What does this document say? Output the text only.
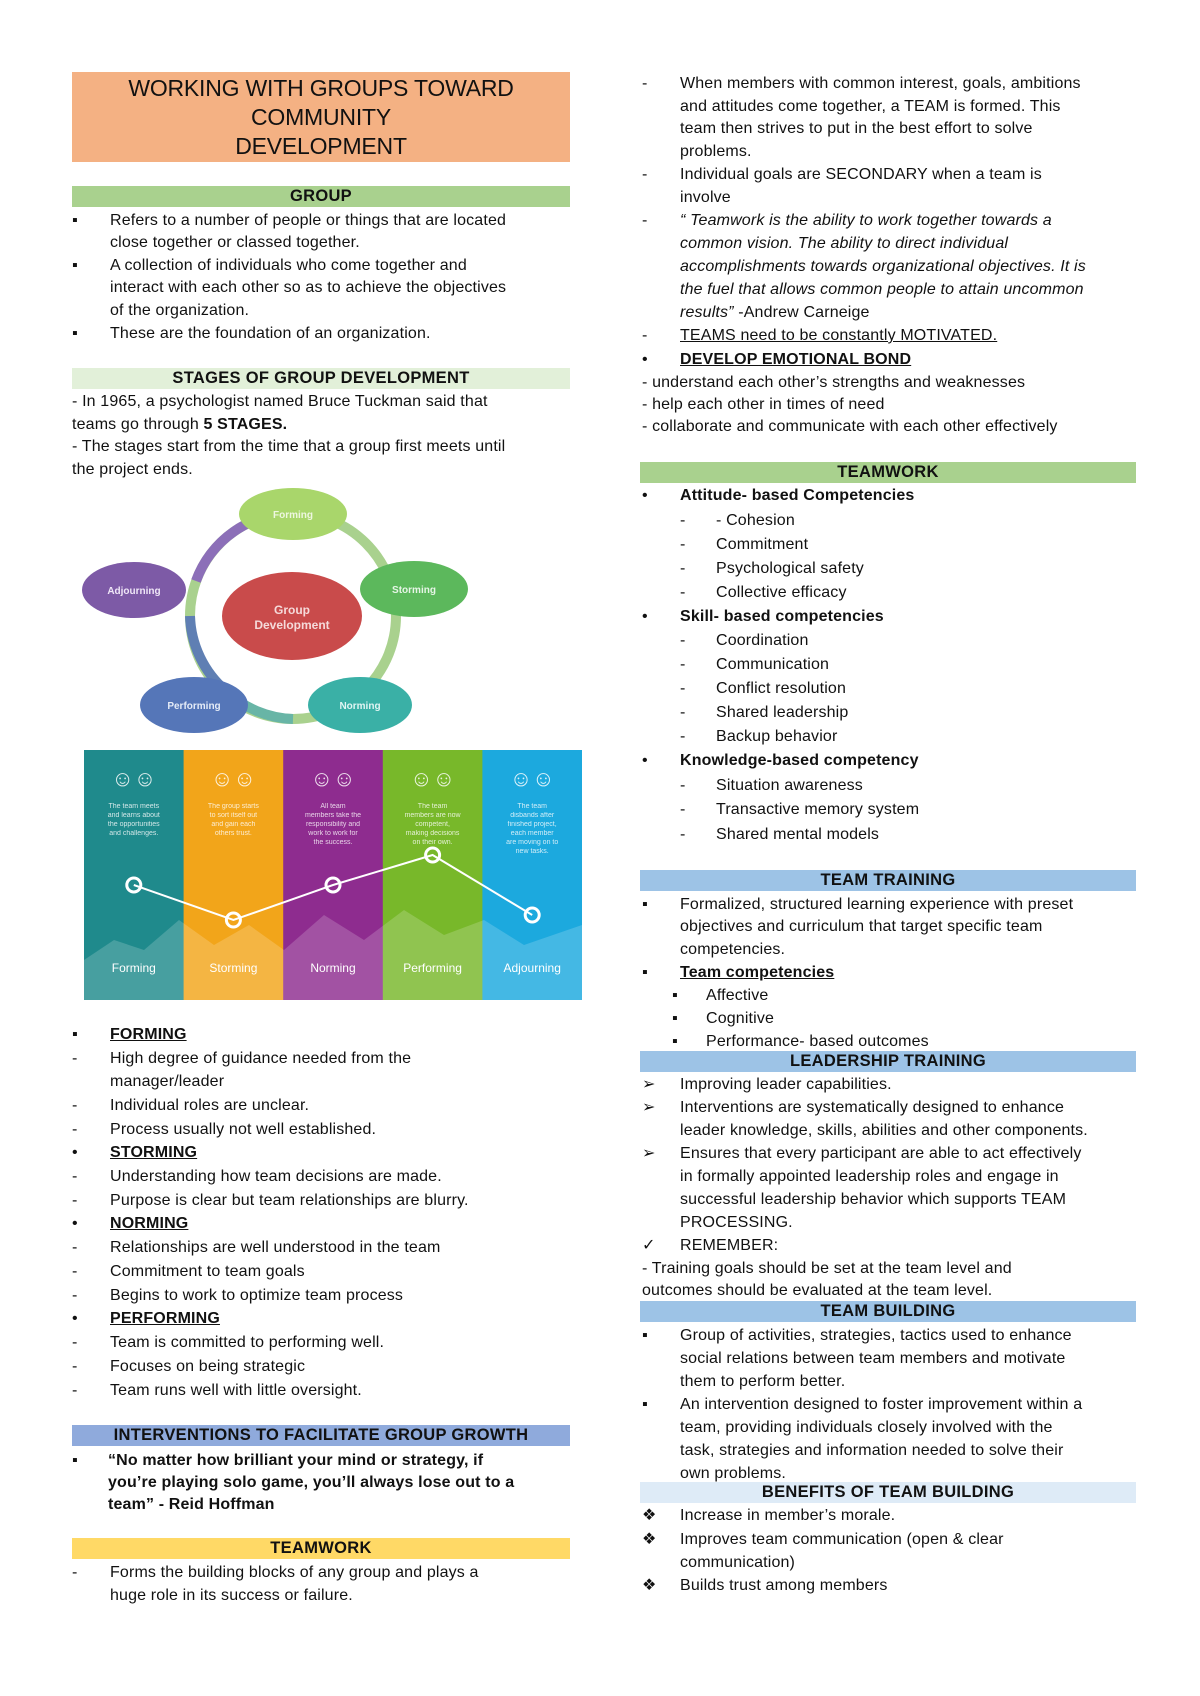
WORKING WITH GROUPS TOWARD
COMMUNITY
DEVELOPMENT
GROUP
▪	Refers to a number of people or things that are located
close together or classed together.
▪	A collection of individuals who come together and
interact with each other so as to achieve the objectives
of the organization.
▪	These are the foundation of an organization.
STAGES OF GROUP DEVELOPMENT
- In 1965, a psychologist named Bruce Tuckman said that
teams go through 5 STAGES.
- The stages start from the time that a group first meets until
the project ends.
Group
Development
Forming
Storming
Norming
Performing
Adjourning
☺☺
The team meets
and learns about
the opportunities
and challenges.
Forming
☺☺
The group starts
to sort itself out
and gain each
others trust.
Storming
☺☺
All team
members take the
responsibility and
work to work for
the success.
Norming
☺☺
The team
members are now
competent,
making decisions
on their own.
Performing
☺☺
The team
disbands after
finished project,
each member
are moving on to
new tasks.
Adjourning
▪	FORMING
-	High degree of guidance needed from the
manager/leader
-	Individual roles are unclear.
-	Process usually not well established.
•	STORMING
-	Understanding how team decisions are made.
-	Purpose is clear but team relationships are blurry.
•	NORMING
-	Relationships are well understood in the team
-	Commitment to team goals
-	Begins to work to optimize team process
•	PERFORMING
-	Team is committed to performing well.
-	Focuses on being strategic
-	Team runs well with little oversight.
INTERVENTIONS TO FACILITATE GROUP GROWTH
▪	“No matter how brilliant your mind or strategy, if
you’re playing solo game, you’ll always lose out to a
team” - Reid Hoffman
TEAMWORK
-	Forms the building blocks of any group and plays a
huge role in its success or failure.
-	When members with common interest, goals, ambitions
and attitudes come together, a TEAM is formed. This
team then strives to put in the best effort to solve
problems.
-	Individual goals are SECONDARY when a team is
involve
-	“ Teamwork is the ability to work together towards a
common vision. The ability to direct individual
accomplishments towards organizational objectives. It is
the fuel that allows common people to attain uncommon
results” -Andrew Carneige
-	TEAMS need to be constantly MOTIVATED.
•	DEVELOP EMOTIONAL BOND
- understand each other’s strengths and weaknesses
- help each other in times of need
- collaborate and communicate with each other effectively
TEAMWORK
•	Attitude- based Competencies
-	- Cohesion
-	Commitment
-	Psychological safety
-	Collective efficacy
•	Skill- based competencies
-	Coordination
-	Communication
-	Conflict resolution
-	Shared leadership
-	Backup behavior
•	Knowledge-based competency
-	Situation awareness
-	Transactive memory system
-	Shared mental models
TEAM TRAINING
▪	Formalized, structured learning experience with preset
objectives and curriculum that target specific team
competencies.
▪	Team competencies
▪	Affective
▪	Cognitive
▪	Performance- based outcomes
LEADERSHIP TRAINING
➢	Improving leader capabilities.
➢	Interventions are systematically designed to enhance
leader knowledge, skills, abilities and other components.
➢	Ensures that every participant are able to act effectively
in formally appointed leadership roles and engage in
successful leadership behavior which supports TEAM
PROCESSING.
✓	REMEMBER:
- Training goals should be set at the team level and
outcomes should be evaluated at the team level.
TEAM BUILDING
▪	Group of activities, strategies, tactics used to enhance
social relations between team members and motivate
them to perform better.
▪	An intervention designed to foster improvement within a
team, providing individuals closely involved with the
task, strategies and information needed to solve their
own problems.
BENEFITS OF TEAM BUILDING
❖	Increase in member’s morale.
❖	Improves team communication (open & clear
communication)
❖	Builds trust among members
